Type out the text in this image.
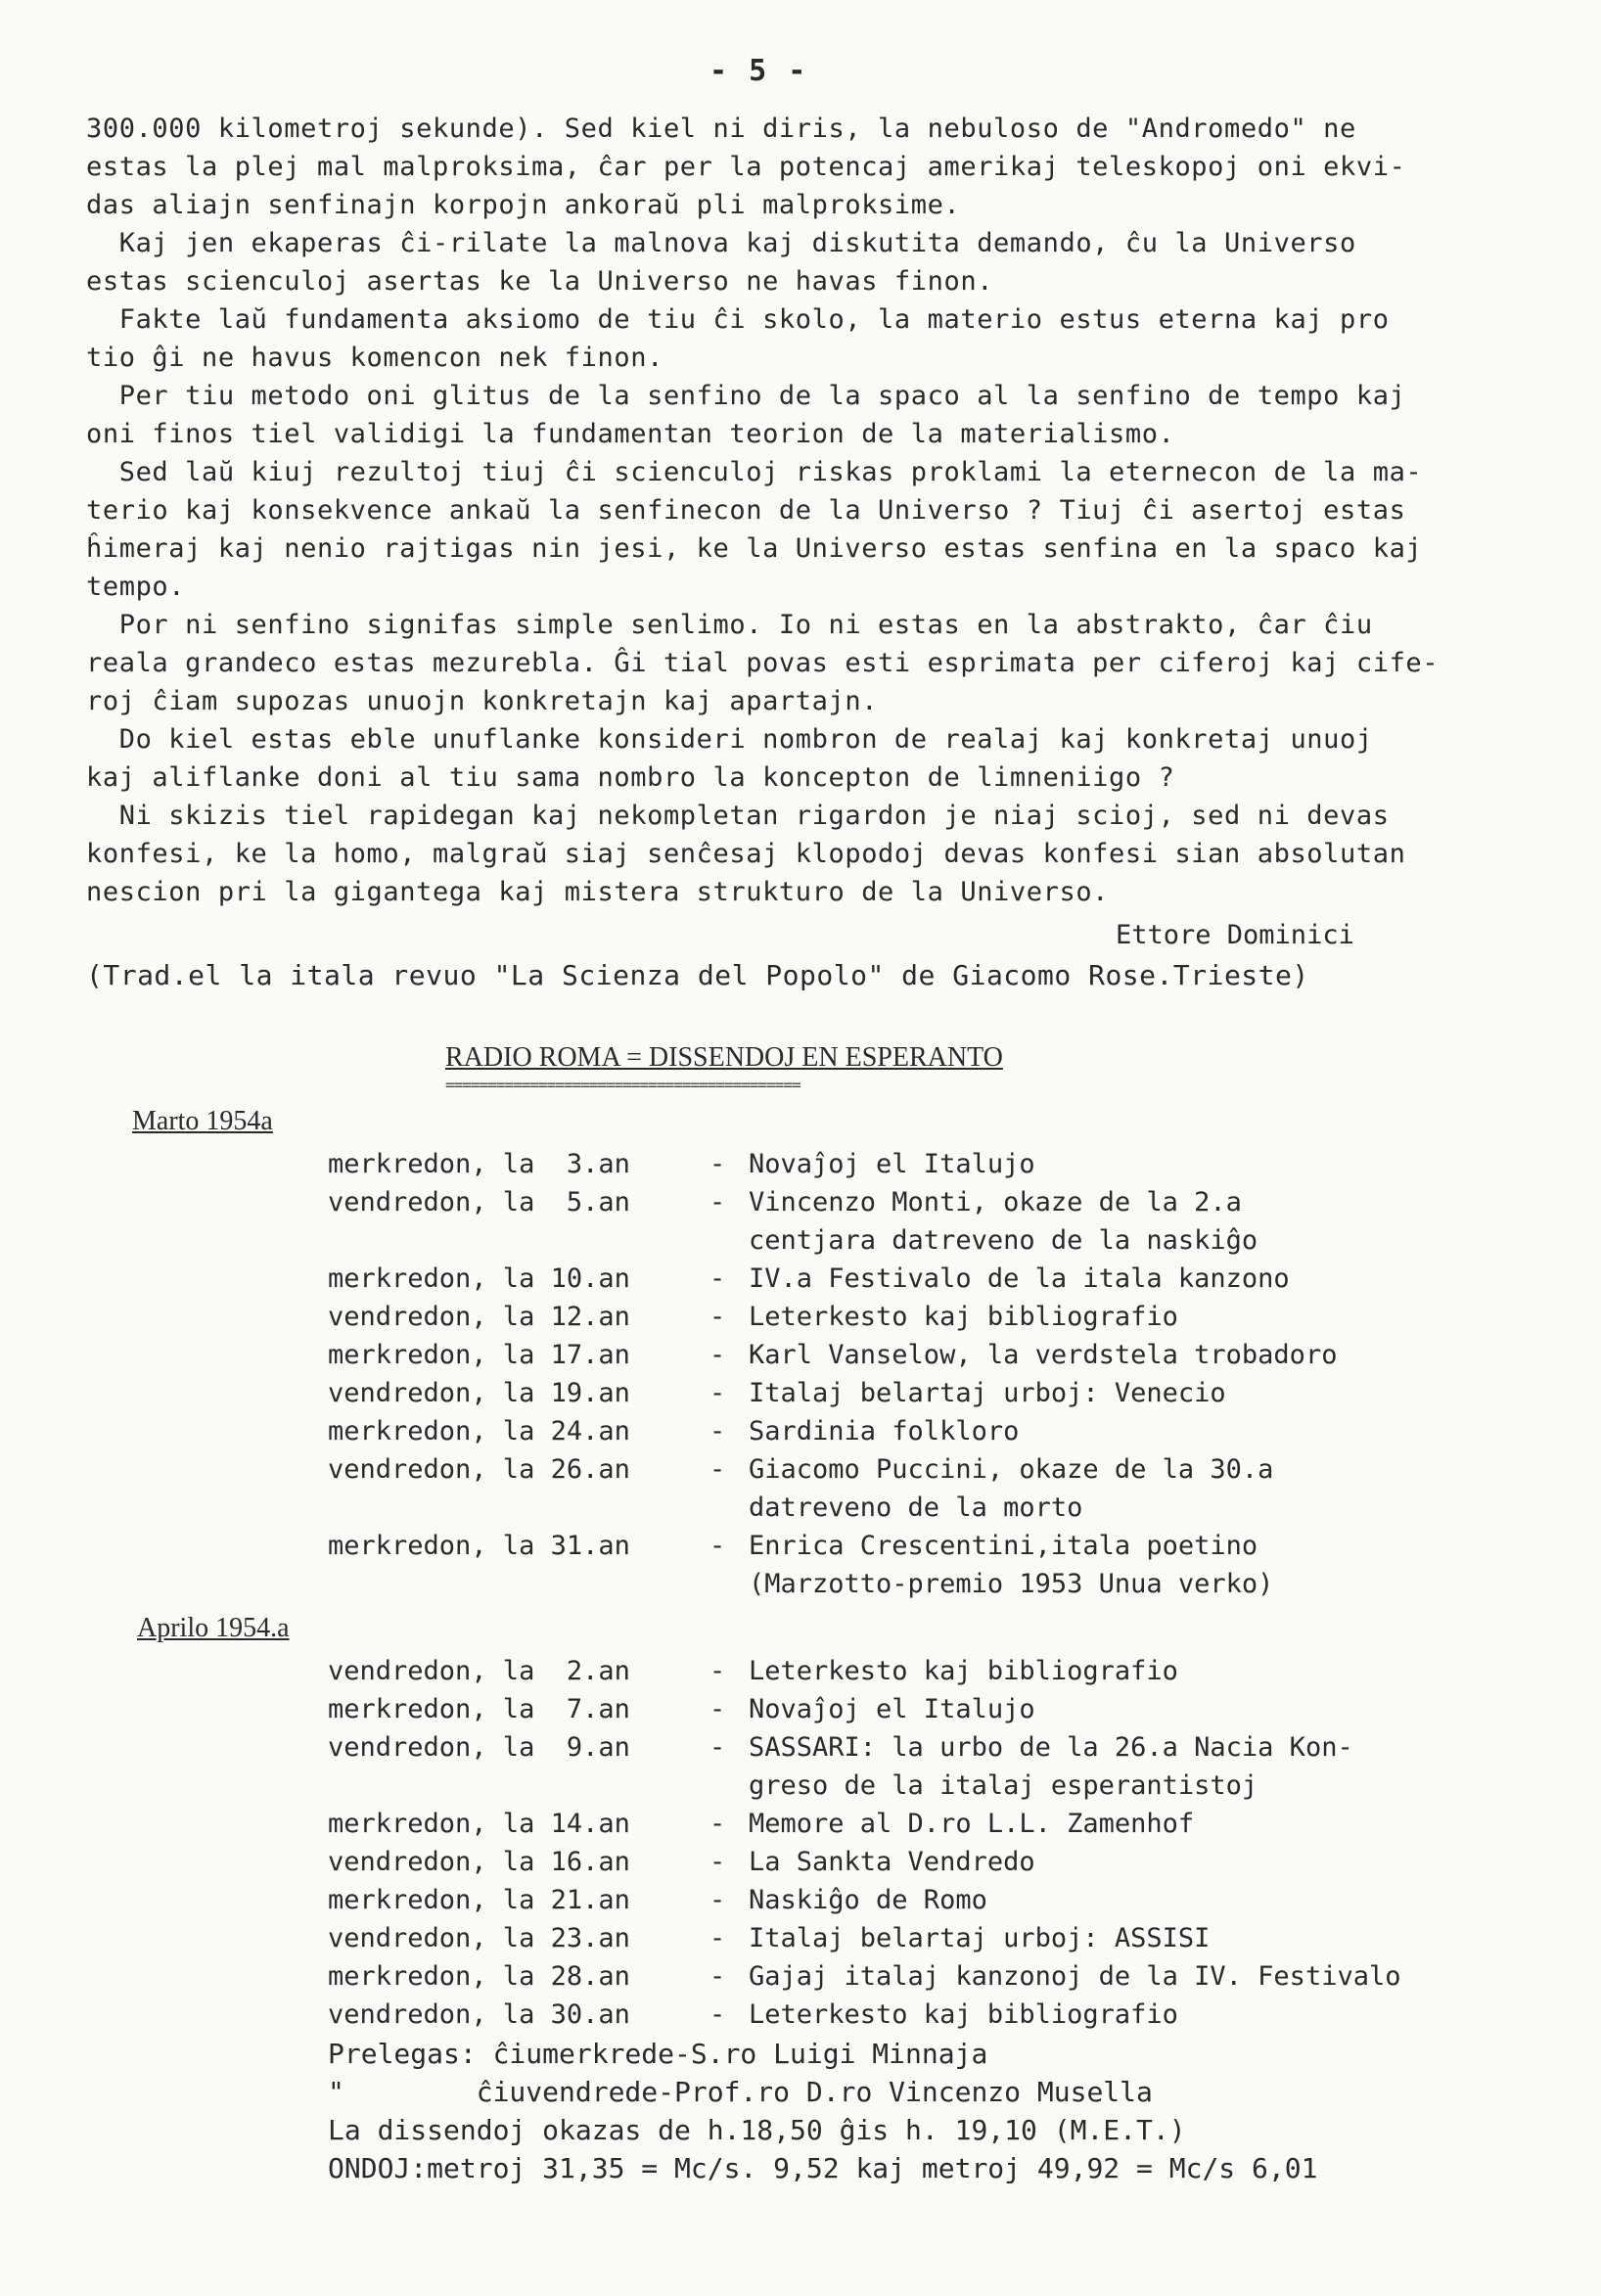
- 5 -
300.000 kilometroj sekunde). Sed kiel ni diris, la nebuloso de "Andromedo" ne
estas la plej mal malproksima, ĉar per la potencaj amerikaj teleskopoj oni ekvi-
das aliajn senfinajn korpojn ankoraŭ pli malproksime.
Kaj jen ekaperas ĉi-rilate la malnova kaj diskutita demando, ĉu la Universo
estas scienculoj asertas ke la Universo ne havas finon.
Fakte laŭ fundamenta aksiomo de tiu ĉi skolo, la materio estus eterna kaj pro
tio ĝi ne havus komencon nek finon.
Per tiu metodo oni glitus de la senfino de la spaco al la senfino de tempo kaj
oni finos tiel validigi la fundamentan teorion de la materialismo.
Sed laŭ kiuj rezultoj tiuj ĉi scienculoj riskas proklami la eternecon de la ma-
terio kaj konsekvence ankaŭ la senfinecon de la Universo ? Tiuj ĉi asertoj estas
ĥimeraj kaj nenio rajtigas nin jesi, ke la Universo estas senfina en la spaco kaj
tempo.
Por ni senfino signifas simple senlimo. Io ni estas en la abstrakto, ĉar ĉiu
reala grandeco estas mezurebla. Ĝi tial povas esti esprimata per ciferoj kaj cife-
roj ĉiam supozas unuojn konkretajn kaj apartajn.
Do kiel estas eble unuflanke konsideri nombron de realaj kaj konkretaj unuoj
kaj aliflanke doni al tiu sama nombro la koncepton de limneniigo ?
Ni skizis tiel rapidegan kaj nekompletan rigardon je niaj scioj, sed ni devas
konfesi, ke la homo, malgraŭ siaj senĉesaj klopodoj devas konfesi sian absolutan
nescion pri la gigantega kaj mistera strukturo de la Universo.
Ettore Dominici
(Trad.el la itala revuo "La Scienza del Popolo" de Giacomo Rose.Trieste)
RADIO ROMA = DISSENDOJ EN ESPERANTO
==========================================
Marto 1954a
merkredon, la  3.an	- Novaĵoj el Italujo
vendredon, la  5.an	- Vincenzo Monti, okaze de la 2.a
centjara datreveno de la naskiĝo
merkredon, la 10.an	- IV.a Festivalo de la itala kanzono
vendredon, la 12.an	- Leterkesto kaj bibliografio
merkredon, la 17.an	- Karl Vanselow, la verdstela trobadoro
vendredon, la 19.an	- Italaj belartaj urboj: Venecio
merkredon, la 24.an	- Sardinia folkloro
vendredon, la 26.an	- Giacomo Puccini, okaze de la 30.a
datreveno de la morto
merkredon, la 31.an	- Enrica Crescentini,itala poetino
(Marzotto-premio 1953 Unua verko)
Aprilo 1954.a
vendredon, la  2.an	- Leterkesto kaj bibliografio
merkredon, la  7.an	- Novaĵoj el Italujo
vendredon, la  9.an	- SASSARI: la urbo de la 26.a Nacia Kon-
greso de la italaj esperantistoj
merkredon, la 14.an	- Memore al D.ro L.L. Zamenhof
vendredon, la 16.an	- La Sankta Vendredo
merkredon, la 21.an	- Naskiĝo de Romo
vendredon, la 23.an	- Italaj belartaj urboj: ASSISI
merkredon, la 28.an	- Gajaj italaj kanzonoj de la IV. Festivalo
vendredon, la 30.an	- Leterkesto kaj bibliografio
Prelegas: ĉiumerkrede-S.ro Luigi Minnaja
"        ĉiuvendrede-Prof.ro D.ro Vincenzo Musella
La dissendoj okazas de h.18,50 ĝis h. 19,10 (M.E.T.)
ONDOJ:metroj 31,35 = Mc/s. 9,52 kaj metroj 49,92 = Mc/s 6,01
